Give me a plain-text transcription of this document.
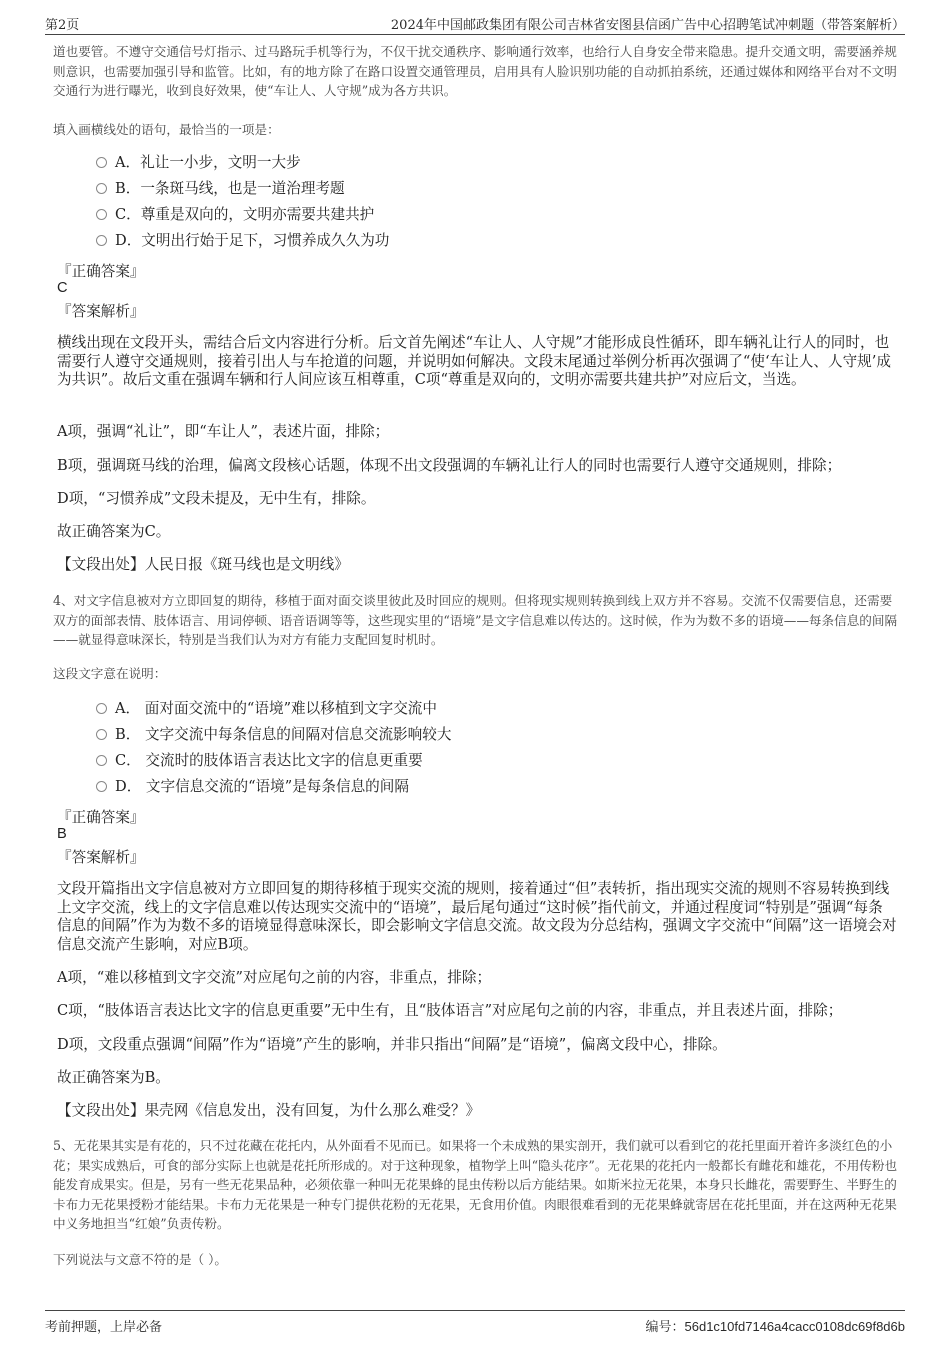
第2页	2024年中国邮政集团有限公司吉林省安图县信函广告中心招聘笔试冲刺题（带答案解析）
道也要管。不遵守交通信号灯指示、过马路玩手机等行为，不仅干扰交通秩序、影响通行效率，也给行人自身安全带来隐患。提升交通文明，需要涵养规则意识，也需要加强引导和监管。比如，有的地方除了在路口设置交通管理员，启用具有人脸识别功能的自动抓拍系统，还通过媒体和网络平台对不文明交通行为进行曝光，收到良好效果，使“车让人、人守规”成为各方共识。
填入画横线处的语句，最恰当的一项是：
A．礼让一小步，文明一大步
B．一条斑马线，也是一道治理考题
C．尊重是双向的，文明亦需要共建共护
D．文明出行始于足下，习惯养成久久为功
『正确答案』
C
『答案解析』
横线出现在文段开头，需结合后文内容进行分析。后文首先阐述“车让人、人守规”才能形成良性循环，即车辆礼让行人的同时，也需要行人遵守交通规则，接着引出人与车抢道的问题，并说明如何解决。文段末尾通过举例分析再次强调了“使‘车让人、人守规’成为共识”。故后文重在强调车辆和行人间应该互相尊重，C项“尊重是双向的，文明亦需要共建共护”对应后文，当选。
A项，强调“礼让”，即“车让人”，表述片面，排除；
B项，强调斑马线的治理，偏离文段核心话题，体现不出文段强调的车辆礼让行人的同时也需要行人遵守交通规则，排除；
D项，“习惯养成”文段未提及，无中生有，排除。
故正确答案为C。
【文段出处】人民日报《斑马线也是文明线》
4、对文字信息被对方立即回复的期待，移植于面对面交谈里彼此及时回应的规则。但将现实规则转换到线上双方并不容易。交流不仅需要信息，还需要双方的面部表情、肢体语言、用词停顿、语音语调等等，这些现实里的“语境”是文字信息难以传达的。这时候，作为为数不多的语境——每条信息的间隔——就显得意味深长，特别是当我们认为对方有能力支配回复时机时。
这段文字意在说明：
A． 面对面交流中的“语境”难以移植到文字交流中
B． 文字交流中每条信息的间隔对信息交流影响较大
C． 交流时的肢体语言表达比文字的信息更重要
D． 文字信息交流的“语境”是每条信息的间隔
『正确答案』
B
『答案解析』
文段开篇指出文字信息被对方立即回复的期待移植于现实交流的规则，接着通过“但”表转折，指出现实交流的规则不容易转换到线上文字交流，线上的文字信息难以传达现实交流中的“语境”，最后尾句通过“这时候”指代前文，并通过程度词“特别是”强调“每条信息的间隔”作为为数不多的语境显得意味深长，即会影响文字信息交流。故文段为分总结构，强调文字交流中“间隔”这一语境会对信息交流产生影响，对应B项。
A项，“难以移植到文字交流”对应尾句之前的内容，非重点，排除；
C项，“肢体语言表达比文字的信息更重要”无中生有，且“肢体语言”对应尾句之前的内容，非重点，并且表述片面，排除；
D项，文段重点强调“间隔”作为“语境”产生的影响，并非只指出“间隔”是“语境”，偏离文段中心，排除。
故正确答案为B。
【文段出处】果壳网《信息发出，没有回复，为什么那么难受？》
5、无花果其实是有花的，只不过花藏在花托内，从外面看不见而已。如果将一个未成熟的果实剖开，我们就可以看到它的花托里面开着许多淡红色的小花；果实成熟后，可食的部分实际上也就是花托所形成的。对于这种现象，植物学上叫“隐头花序”。无花果的花托内一般都长有雌花和雄花，不用传粉也能发育成果实。但是，另有一些无花果品种，必须依靠一种叫无花果蜂的昆虫传粉以后方能结果。如斯米拉无花果，本身只长雌花，需要野生、半野生的卡布力无花果授粉才能结果。卡布力无花果是一种专门提供花粉的无花果，无食用价值。肉眼很难看到的无花果蜂就寄居在花托里面，并在这两种无花果中义务地担当“红娘”负责传粉。
下列说法与文意不符的是（ ）。
考前押题，上岸必备	编号：56d1c10fd7146a4cacc0108dc69f8d6b
